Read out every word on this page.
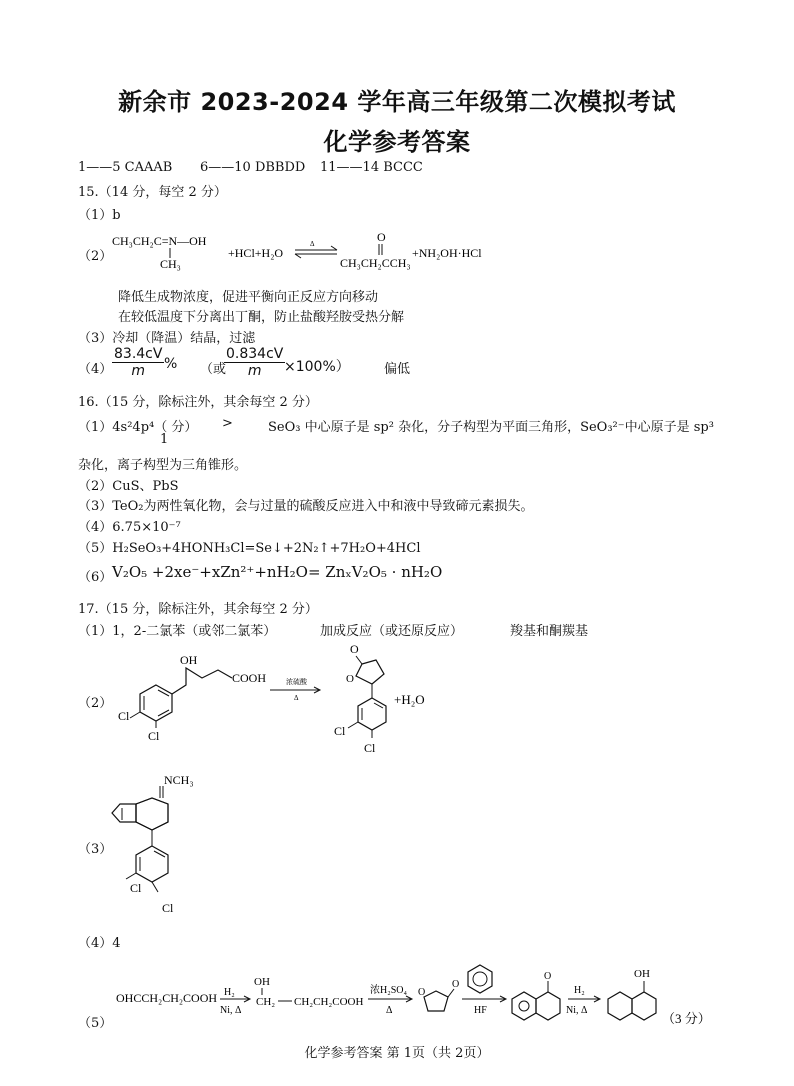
新余市 2023-2024 学年高三年级第二次模拟考试
化学参考答案
1——5 CAAAB 6——10 DBBDD 11——14 BCCC
15.（14 分，每空 2 分）
（1）b
（2）
CH₃CH₂C=N—OH
CH₃
+HCl+H₂O
Δ	O
CH₃CH₂CCH₃
+NH₂OH·HCl
降低生成物浓度，促进平衡向正反应方向移动
在较低温度下分离出丁酮，防止盐酸羟胺受热分解
（3）冷却（降温）结晶，过滤
$(4) \frac{83.4cV}{m}$ % （或
$\frac{0.834cV}{m}$
×100%）	偏低
16.（15 分，除标注外，其余每空 2 分）
（1）4s²4p⁴（ 分）
1
>	SeO₃ 中心原子是 sp² 杂化，分子构型为平面三角形，SeO₃²⁻中心原子是 sp³
杂化，离子构型为三角锥形。
（2）CuS、PbS
（3）TeO₂为两性氧化物，会与过量的硫酸反应进入中和液中导致碲元素损失。
（4）6.75×10⁻⁷
（5）H₂SeO₃+4HONH₃Cl=Se↓+2N₂↑+7H₂O+4HCl
（6） V₂O₅ +2xe⁻+xZn²⁺+nH₂O= ZnₓV₂O₅ · nH₂O
17.（15 分，除标注外，其余每空 2 分）
（1）1，2-二氯苯（或邻二氯苯）	加成反应（或还原反应）	羧基和酮羰基
（2）
OH
COOH
Cl
Cl
浓硫酸
Δ
O
O
Cl
Cl
+H₂O
（3）
NCH₃
Cl
Cl
（4）4
（5）
OHCCH₂CH₂COOH H₂
Ni, Δ
OH
CH₂ CH₂CH₂COOH
浓H₂SO₄
Δ
O
O
HF
O
H₂
Ni, Δ
OH
（3 分）
化学参考答案 第 1页（共 2页）
